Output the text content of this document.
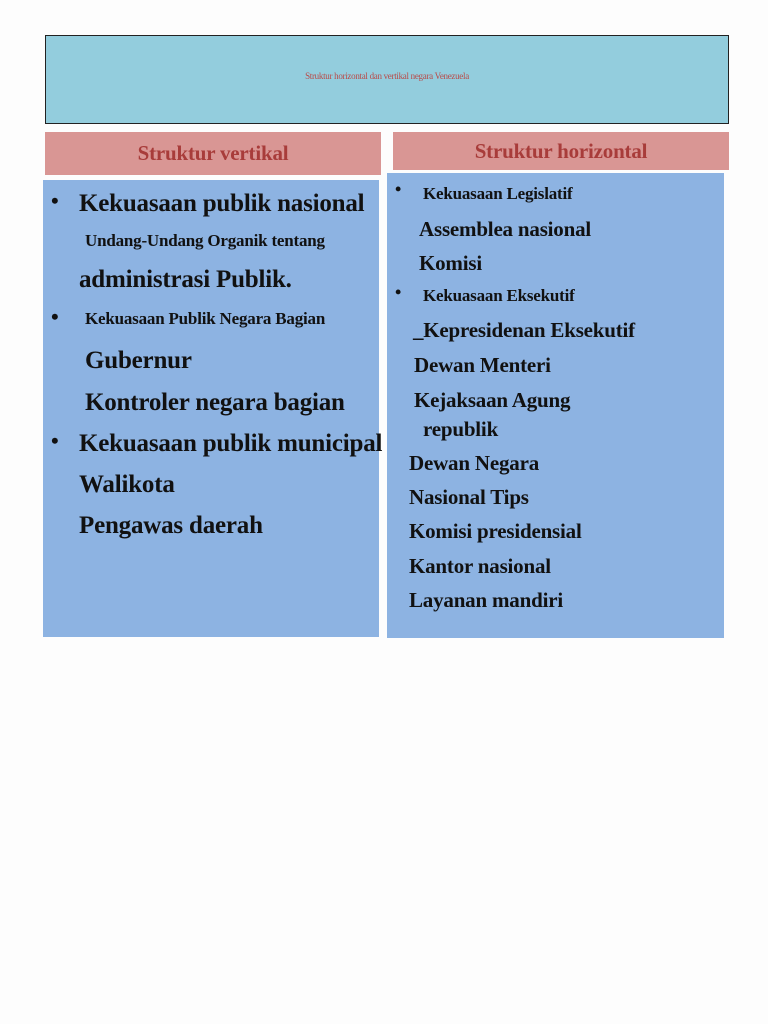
Struktur horizontal dan vertikal negara Venezuela
Struktur vertikal	Struktur horizontal
• Kekuasaan publik nasional
Undang-Undang Organik tentang
administrasi Publik.
• Kekuasaan Publik Negara Bagian
Gubernur
Kontroler negara bagian
• Kekuasaan publik municipal
Walikota
Pengawas daerah
• Kekuasaan Legislatif
Assemblea nasional
Komisi
• Kekuasaan Eksekutif
_Kepresidenan Eksekutif
Dewan Menteri
Kejaksaan Agung
republik
Dewan Negara
Nasional Tips
Komisi presidensial
Kantor nasional
Layanan mandiri
